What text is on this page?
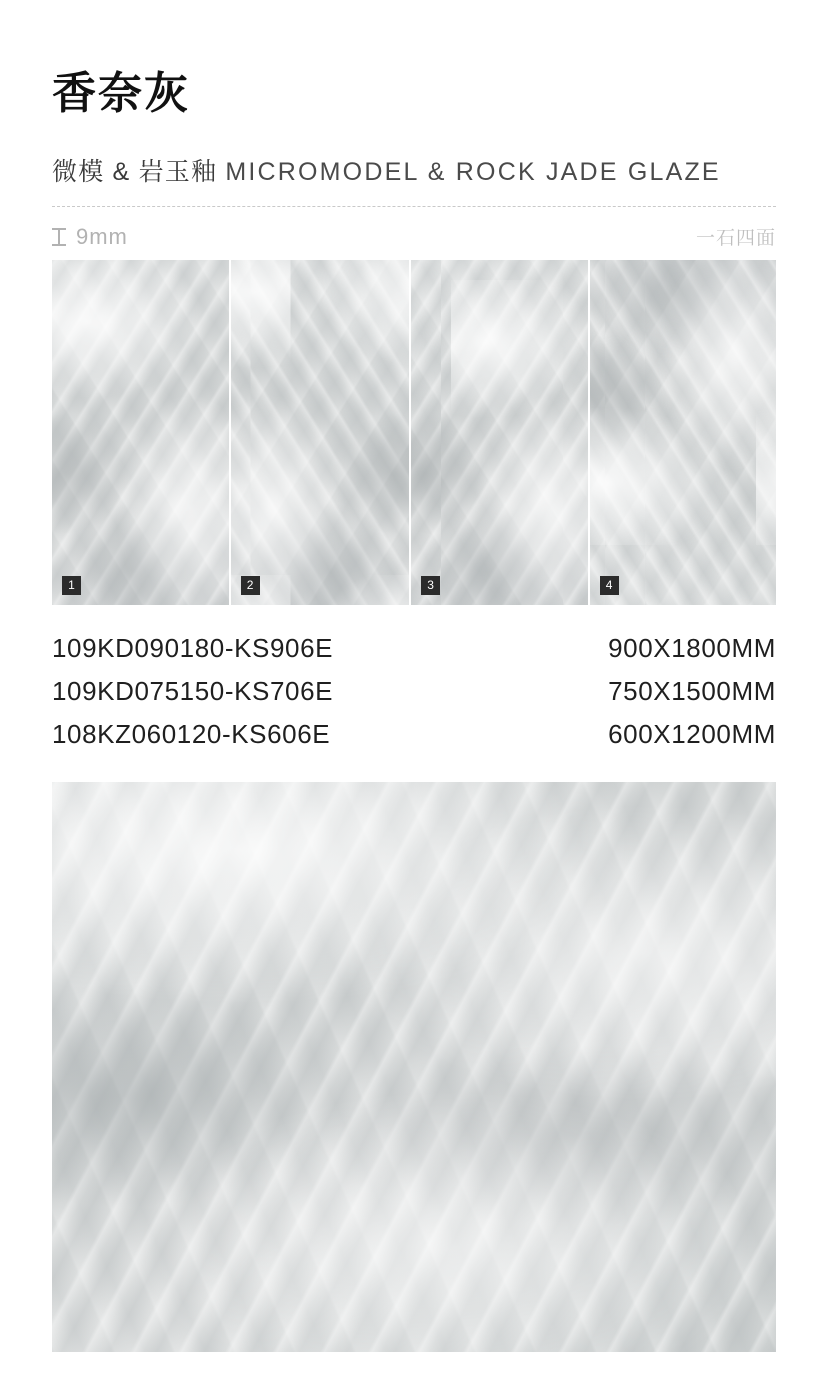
香奈灰
微模 & 岩玉釉 MICROMODEL & ROCK JADE GLAZE
9mm	一石四面
1	2	3	4
109KD090180-KS906E	900X1800MM
109KD075150-KS706E	750X1500MM
108KZ060120-KS606E	600X1200MM
